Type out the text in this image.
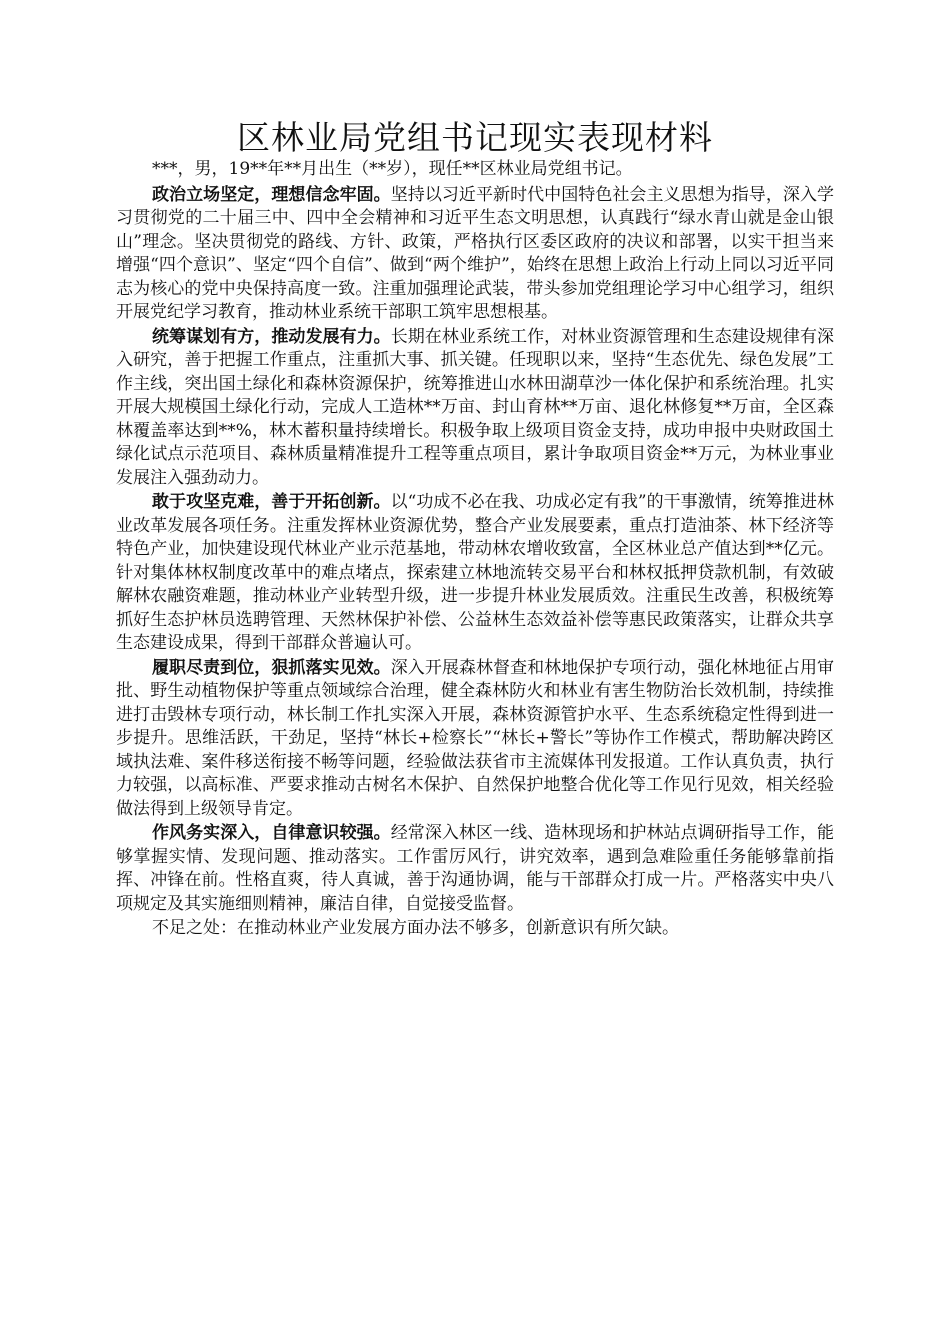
区林业局党组书记现实表现材料

***，男，19**年**月出生（**岁），现任**区林业局党组书记。

政治立场坚定，理想信念牢固。坚持以习近平新时代中国特色社会主义思想为指导，深入学习贯彻党的二十届三中、四中全会精神和习近平生态文明思想，认真践行“绿水青山就是金山银山”理念。坚决贯彻党的路线、方针、政策，严格执行区委区政府的决议和部署，以实干担当来增强“四个意识”、坚定“四个自信”、做到“两个维护”，始终在思想上政治上行动上同以习近平同志为核心的党中央保持高度一致。注重加强理论武装，带头参加党组理论学习中心组学习，组织开展党纪学习教育，推动林业系统干部职工筑牢思想根基。

统筹谋划有方，推动发展有力。长期在林业系统工作，对林业资源管理和生态建设规律有深入研究，善于把握工作重点，注重抓大事、抓关键。任现职以来，坚持“生态优先、绿色发展”工作主线，突出国土绿化和森林资源保护，统筹推进山水林田湖草沙一体化保护和系统治理。扎实开展大规模国土绿化行动，完成人工造林**万亩、封山育林**万亩、退化林修复**万亩，全区森林覆盖率达到**%，林木蓄积量持续增长。积极争取上级项目资金支持，成功申报中央财政国土绿化试点示范项目、森林质量精准提升工程等重点项目，累计争取项目资金**万元，为林业事业发展注入强劲动力。

敢于攻坚克难，善于开拓创新。以“功成不必在我、功成必定有我”的干事激情，统筹推进林业改革发展各项任务。注重发挥林业资源优势，整合产业发展要素，重点打造油茶、林下经济等特色产业，加快建设现代林业产业示范基地，带动林农增收致富，全区林业总产值达到**亿元。针对集体林权制度改革中的难点堵点，探索建立林地流转交易平台和林权抵押贷款机制，有效破解林农融资难题，推动林业产业转型升级，进一步提升林业发展质效。注重民生改善，积极统筹抓好生态护林员选聘管理、天然林保护补偿、公益林生态效益补偿等惠民政策落实，让群众共享生态建设成果，得到干部群众普遍认可。

履职尽责到位，狠抓落实见效。深入开展森林督查和林地保护专项行动，强化林地征占用审批、野生动植物保护等重点领域综合治理，健全森林防火和林业有害生物防治长效机制，持续推进打击毁林专项行动，林长制工作扎实深入开展，森林资源管护水平、生态系统稳定性得到进一步提升。思维活跃，干劲足，坚持“林长+检察长”“林长+警长”等协作工作模式，帮助解决跨区域执法难、案件移送衔接不畅等问题，经验做法获省市主流媒体刊发报道。工作认真负责，执行力较强，以高标准、严要求推动古树名木保护、自然保护地整合优化等工作见行见效，相关经验做法得到上级领导肯定。

作风务实深入，自律意识较强。经常深入林区一线、造林现场和护林站点调研指导工作，能够掌握实情、发现问题、推动落实。工作雷厉风行，讲究效率，遇到急难险重任务能够靠前指挥、冲锋在前。性格直爽，待人真诚，善于沟通协调，能与干部群众打成一片。严格落实中央八项规定及其实施细则精神，廉洁自律，自觉接受监督。

不足之处：在推动林业产业发展方面办法不够多，创新意识有所欠缺。
